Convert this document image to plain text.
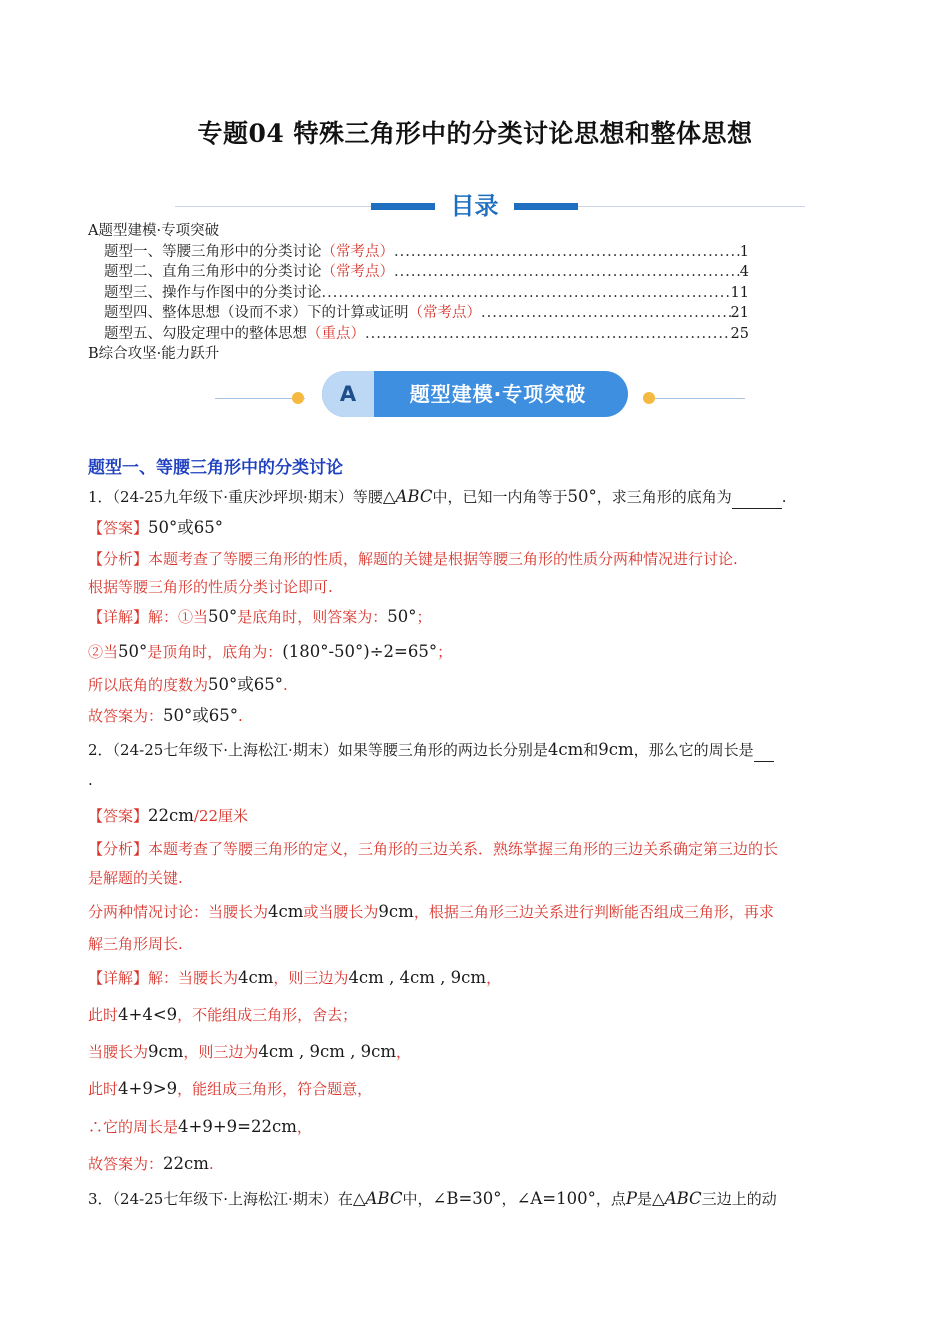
专题04 特殊三角形中的分类讨论思想和整体思想
目录
A题型建模·专项突破
题型一、等腰三角形中的分类讨论 （常考点） .....	1
题型二、直角三角形中的分类讨论 （常考点） .....	4
题型三、操作与作图中的分类讨论 .....	11
题型四、整体思想（设而不求）下的计算或证明 （常考点） .....	21
题型五、勾股定理中的整体思想 （重点） .....	25
B综合攻坚·能力跃升
A	题型建模·专项突破
题型一、等腰三角形中的分类讨论
1．（24-25九年级下·重庆沙坪坝·期末）等腰△ABC中，已知一内角等于50°，求三角形的底角为	.
【答案】50°或65°
【分析】本题考查了等腰三角形的性质，解题的关键是根据等腰三角形的性质分两种情况进行讨论.
根据等腰三角形的性质分类讨论即可.
【详解】解：①当50°是底角时，则答案为：50°；
②当50°是顶角时，底角为：(180°-50°)÷2=65°；
所以底角的度数为50°或65°.
故答案为：50°或65°.
2．（24-25七年级下·上海松江·期末）如果等腰三角形的两边长分别是4cm和9cm，那么它的周长是
.
【答案】22cm/22厘米
【分析】本题考查了等腰三角形的定义，三角形的三边关系．熟练掌握三角形的三边关系确定第三边的长
是解题的关键.
分两种情况讨论：当腰长为4cm或当腰长为9cm，根据三角形三边关系进行判断能否组成三角形，再求
解三角形周长.
【详解】解：当腰长为4cm，则三边为4cm , 4cm , 9cm，
此时4+4<9，不能组成三角形，舍去；
当腰长为9cm，则三边为4cm , 9cm , 9cm，
此时4+9>9，能组成三角形，符合题意，
∴它的周长是4+9+9=22cm，
故答案为：22cm.
3．（24-25七年级下·上海松江·期末）在△ABC中，∠B=30°，∠A=100°，点P是△ABC三边上的动
